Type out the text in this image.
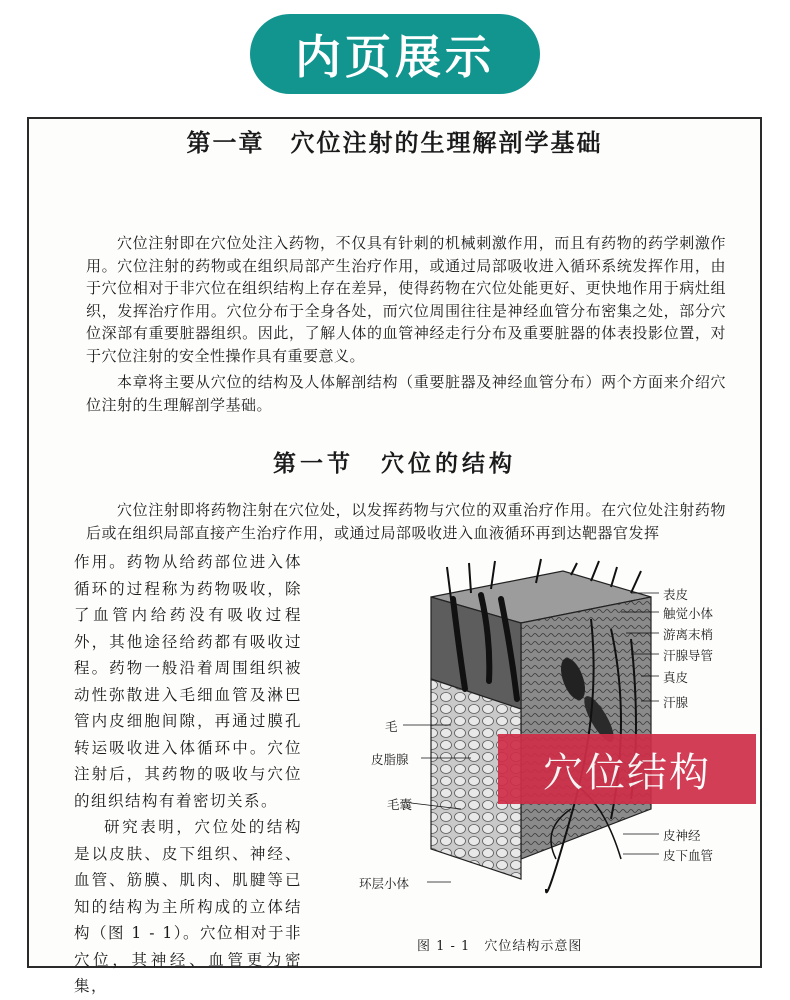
内页展示
第一章　穴位注射的生理解剖学基础
穴位注射即在穴位处注入药物，不仅具有针刺的机械刺激作用，而且有药物的药学刺激作用。穴位注射的药物或在组织局部产生治疗作用，或通过局部吸收进入循环系统发挥作用，由于穴位相对于非穴位在组织结构上存在差异，使得药物在穴位处能更好、更快地作用于病灶组织，发挥治疗作用。穴位分布于全身各处，而穴位周围往往是神经血管分布密集之处，部分穴位深部有重要脏器组织。因此，了解人体的血管神经走行分布及重要脏器的体表投影位置，对于穴位注射的安全性操作具有重要意义。
本章将主要从穴位的结构及人体解剖结构（重要脏器及神经血管分布）两个方面来介绍穴位注射的生理解剖学基础。
第一节　穴位的结构
穴位注射即将药物注射在穴位处，以发挥药物与穴位的双重治疗作用。在穴位处注射药物后或在组织局部直接产生治疗作用，或通过局部吸收进入血液循环再到达靶器官发挥
作用。药物从给药部位进入体循环的过程称为药物吸收，除了血管内给药没有吸收过程外，其他途径给药都有吸收过程。药物一般沿着周围组织被动性弥散进入毛细血管及淋巴管内皮细胞间隙，再通过膜孔转运吸收进入体循环中。穴位注射后，其药物的吸收与穴位的组织结构有着密切关系。
研究表明，穴位处的结构是以皮肤、皮下组织、神经、血管、筋膜、肌肉、肌腱等已知的结构为主所构成的立体结构（图 1 - 1）。穴位相对于非穴位，其神经、血管更为密集，
毛
皮脂腺
毛囊
环层小体
表皮
触觉小体
游离末梢
汗腺导管
真皮
汗腺
皮神经
皮下血管
图 1 - 1　穴位结构示意图
穴位结构
